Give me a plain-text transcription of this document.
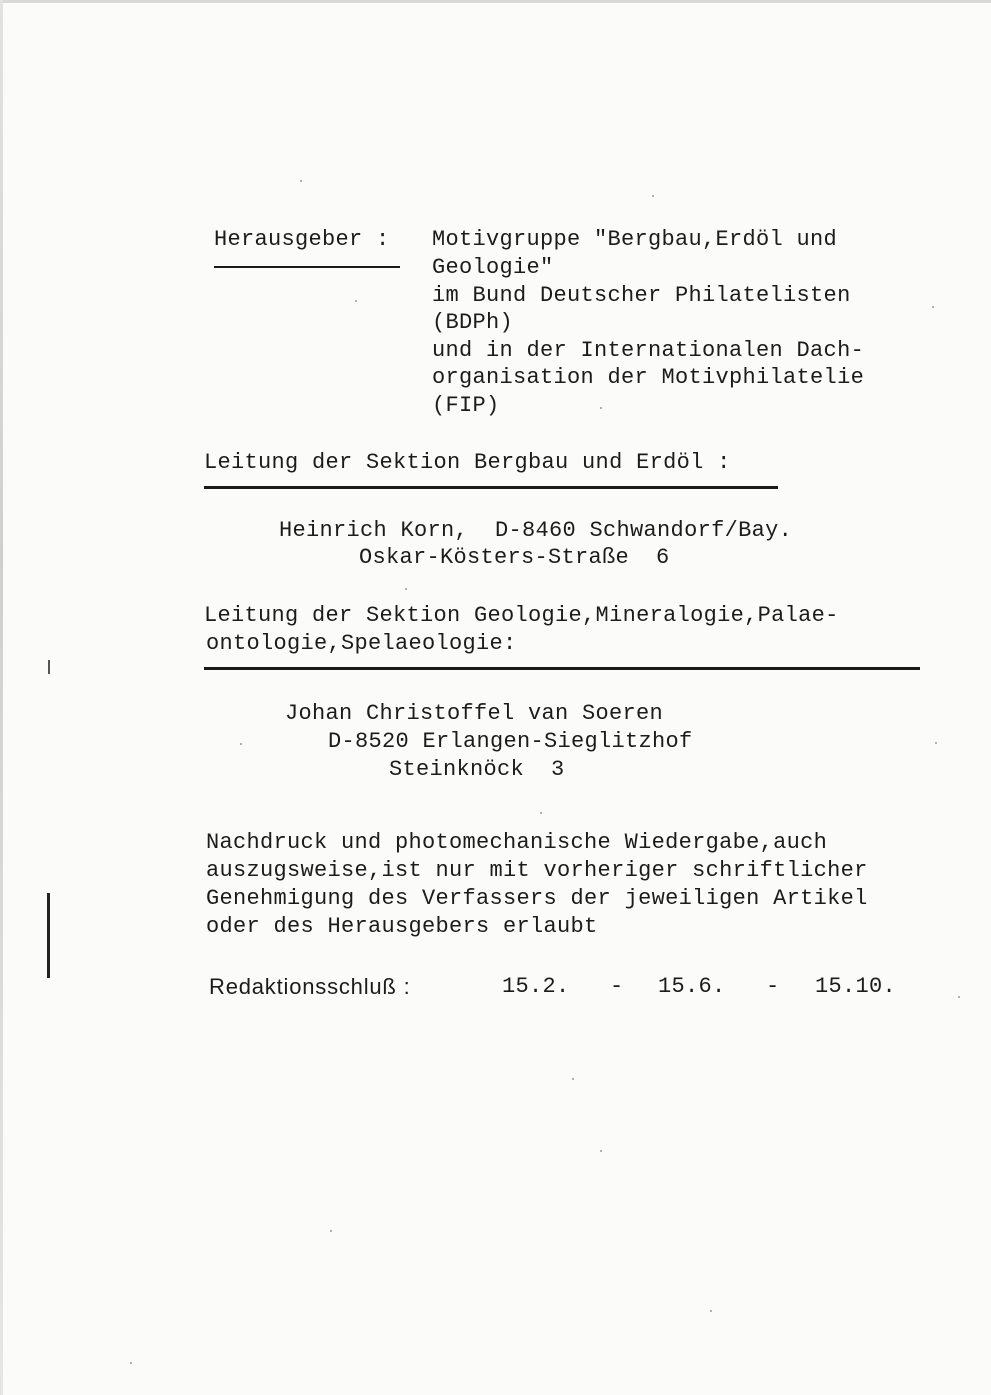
Herausgeber : Motivgruppe "Bergbau,Erdöl und
Geologie"
im Bund Deutscher Philatelisten
(BDPh)
und in der Internationalen Dach-
organisation der Motivphilatelie
(FIP)
Leitung der Sektion Bergbau und Erdöl :
Heinrich Korn,  D-8460 Schwandorf/Bay.
Oskar-Kösters-Straße  6
Leitung der Sektion Geologie,Mineralogie,Palae-
ontologie,Spelaeologie:
Johan Christoffel van Soeren
D-8520 Erlangen-Sieglitzhof
Steinknöck  3
Nachdruck und photomechanische Wiedergabe,auch
auszugsweise,ist nur mit vorheriger schriftlicher
Genehmigung des Verfassers der jeweiligen Artikel
oder des Herausgebers erlaubt
Redaktionsschluß :	15.2. - 15.6. - 15.10.
